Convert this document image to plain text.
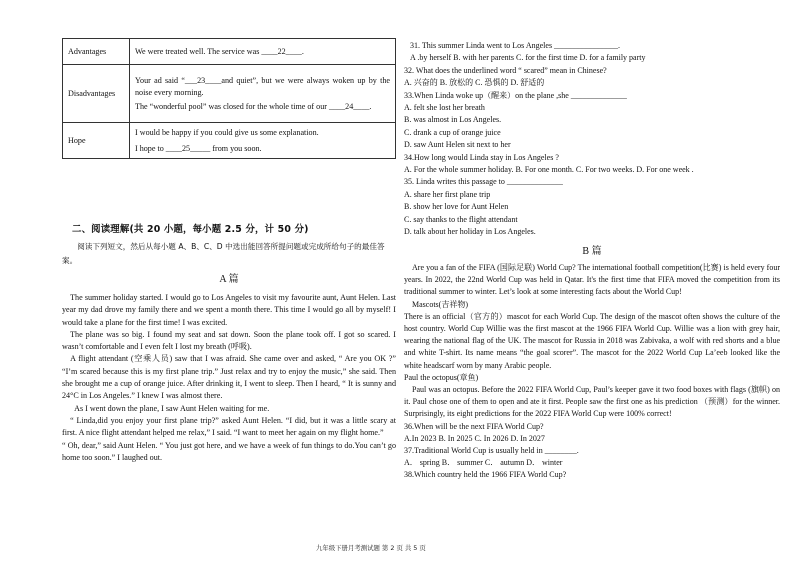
Advantages	We were treated well. The service was ____22____.

Disadvantages	Your ad said “___23____and quiet”, but we were always woken up by the noise every morning.
The “wonderful pool” was closed for the whole time of our ____24____.

Hope	I would be happy if you could give us some explanation.
I hope to ____25_____ from you soon.
二、阅读理解(共 20 小题，每小题 2.5 分，计 50 分)
阅读下列短文，然后从每小题 A、B、C、D 中选出能回答所提问题或完成所给句子的最佳答案。
A 篇

The summer holiday started. I would go to Los Angeles to visit my favourite aunt, Aunt Helen. Last year my dad drove my family there and we spent a month there. This time I would go all by myself! I would take a plane for the first time! I was excited.

The plane was so big. I found my seat and sat down. Soon the plane took off. I got so scared. I wasn’t comfortable and I even felt I lost my breath (呼吸).

A flight attendant (空乘人员) saw that I was afraid. She came over and asked, “ Are you OK ?” “I’m scared because this is my first plane trip.” Just relax and try to enjoy the music,” she said. Then she brought me a cup of orange juice. After drinking it, I went to sleep. Then I heard, “ It is sunny and 24°C in Los Angeles.” I knew I was almost there.

As I went down the plane, I saw Aunt Helen waiting for me.

“ Linda,did you enjoy your first plane trip?” asked Aunt Helen. “I did, but it was a little scary at first. A nice flight attendant helped me relax,” I said. “I want to meet her again on my flight home.”

“ Oh, dear,” said Aunt Helen. “ You just got here, and we have a week of fun things to do.You can’t go home too soon.” I laughed out.

31. This summer Linda went to Los Angeles ________________.

A .by herself B. with her parents C. for the first time D. for a family party

32. What does the underlined word “ scared” mean in Chinese?

A. 兴奋的 B. 放松的 C. 恐惧的 D. 舒适的

33.When Linda woke up（醒来）on the plane ,she ______________

A. felt she lost her breath

B. was almost in Los Angeles.

C. drank a cup of orange juice

D. saw Aunt Helen sit next to her

34.How long would Linda stay in Los Angeles ?

A. For the whole summer holiday. B. For one month. C. For two weeks. D. For one week .

35. Linda writes this passage to ______________

A. share her first plane trip

B. show her love for Aunt Helen

C. say thanks to the flight attendant

D. talk about her holiday in Los Angeles.

B 篇

Are you a fan of the FIFA (国际足联) World Cup? The international football competition(比赛) is held every four years. In 2022, the 22nd World Cup was held in Qatar. It's the first time that FIFA moved the competition from its traditional summer to winter. Let’s look at some interesting facts about the World Cup!

Mascots(吉祥物)

There is an official（官方的）mascot for each World Cup. The design of the mascot often shows the culture of the host country. World Cup Willie was the first mascot at the 1966 FIFA World Cup. Willie was a lion with grey hair, wearing the national flag of the UK. The mascot for Russia in 2018 was Zabivaka, a wolf with red shorts and a blue and white T-shirt. Its name means “the goal scorer”. The mascot for the 2022 World Cup La’eeb looked like the white headscarf worn by many Arabic people.

Paul the octopus(章鱼)

Paul was an octopus. Before the 2022 FIFA World Cup, Paul’s keeper gave it two food boxes with flags (旗帜) on it. Paul chose one of them to open and ate it first. People saw the first one as his prediction （预测）for the winner. Surprisingly, its eight predictions for the 2022 FIFA World Cup were 100% correct!

36.When will be the next FIFA World Cup?

A.In 2023 B. In 2025 C. In 2026 D. In 2027

37.Traditional World Cup is usually held in ________.

A． spring B． summer C． autumn D． winter

38.Which country held the 1966 FIFA World Cup?

九年级下册月考测试题 第 2 页 共 5 页
